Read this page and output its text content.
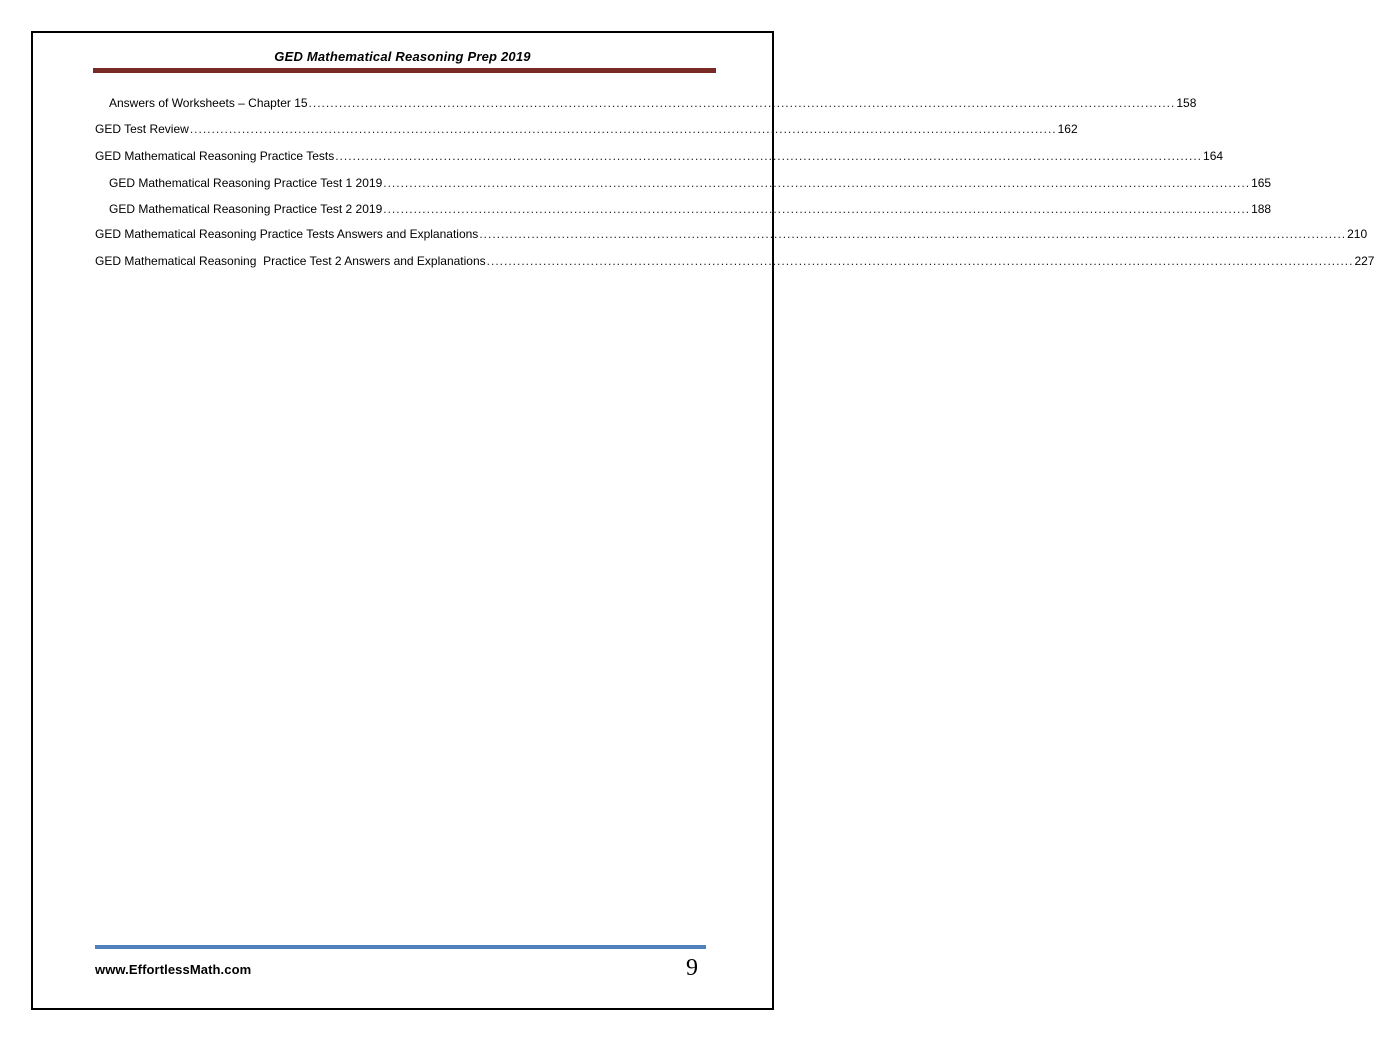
GED Mathematical Reasoning Prep 2019
Answers of Worksheets – Chapter 15 ........................................................................................................................................................................................................ 158
GED Test Review ........................................................................................................................................................................................................ 162
GED Mathematical Reasoning Practice Tests ........................................................................................................................................................................................................ 164
GED Mathematical Reasoning Practice Test 1 2019 ........................................................................................................................................................................................................ 165
GED Mathematical Reasoning Practice Test 2 2019 ........................................................................................................................................................................................................ 188
GED Mathematical Reasoning Practice Tests Answers and Explanations ........................................................................................................................................................................................................ 210
GED Mathematical Reasoning  Practice Test 2 Answers and Explanations ........................................................................................................................................................................................................ 227
www.EffortlessMath.com	9
